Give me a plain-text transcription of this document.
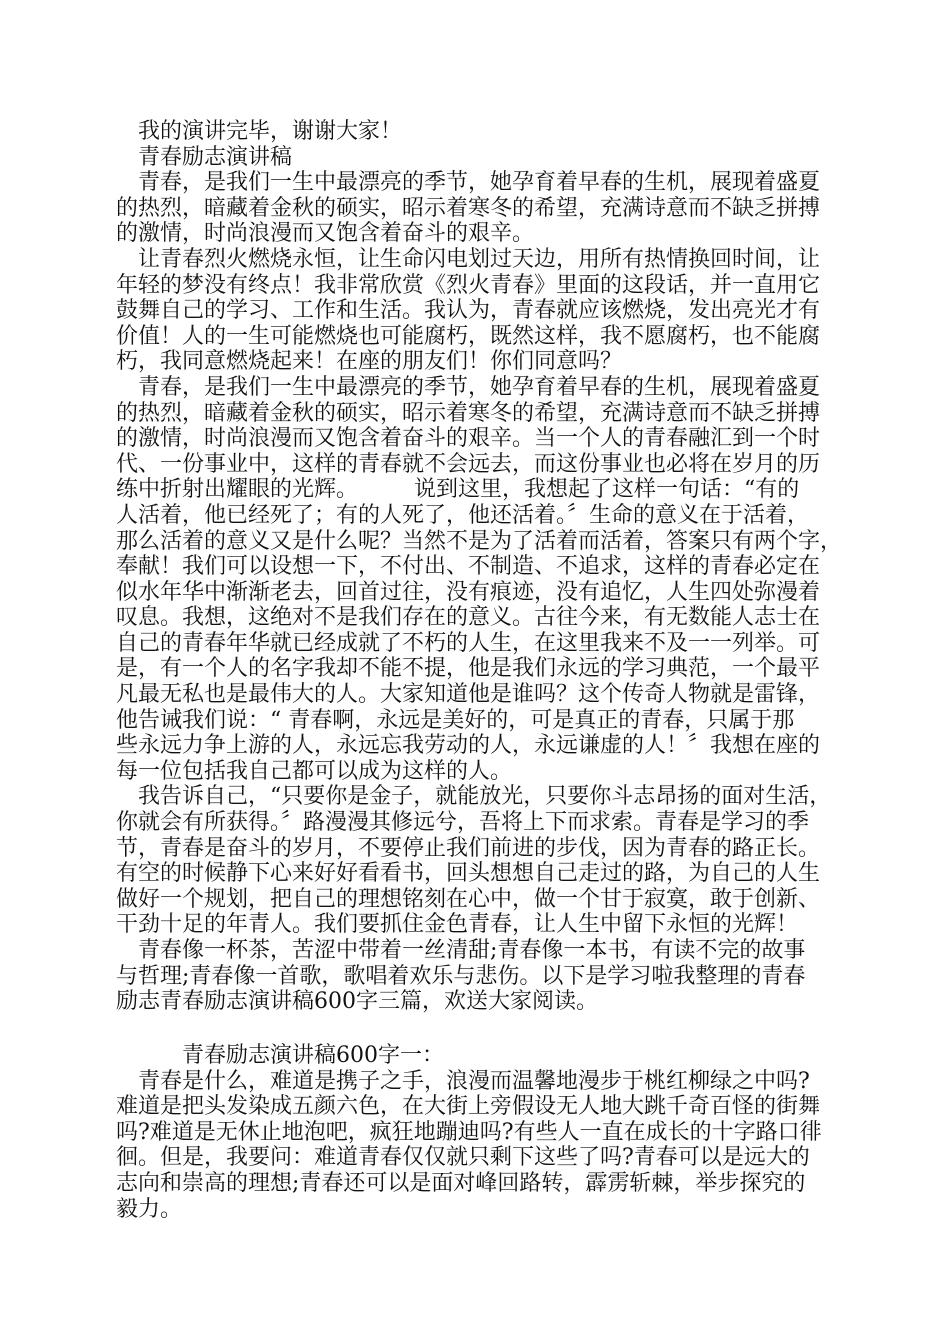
我的演讲完毕，谢谢大家！
青春励志演讲稿
青春，是我们一生中最漂亮的季节，她孕育着早春的生机，展现着盛夏
的热烈，暗藏着金秋的硕实，昭示着寒冬的希望，充满诗意而不缺乏拼搏
的激情，时尚浪漫而又饱含着奋斗的艰辛。
让青春烈火燃烧永恒，让生命闪电划过天边，用所有热情换回时间，让
年轻的梦没有终点！我非常欣赏《烈火青春》里面的这段话，并一直用它
鼓舞自己的学习、工作和生活。我认为，青春就应该燃烧，发出亮光才有
价值！人的一生可能燃烧也可能腐朽，既然这样，我不愿腐朽，也不能腐
朽，我同意燃烧起来！在座的朋友们！你们同意吗？
青春，是我们一生中最漂亮的季节，她孕育着早春的生机，展现着盛夏
的热烈，暗藏着金秋的硕实，昭示着寒冬的希望，充满诗意而不缺乏拼搏
的激情，时尚浪漫而又饱含着奋斗的艰辛。当一个人的青春融汇到一个时
代、一份事业中，这样的青春就不会远去，而这份事业也必将在岁月的历
练中折射出耀眼的光辉。        说到这里，我想起了这样一句话：“有的
人活着，他已经死了；有的人死了，他还活着。〞生命的意义在于活着，
那么活着的意义又是什么呢？当然不是为了活着而活着，答案只有两个字，
奉献！我们可以设想一下，不付出、不制造、不追求，这样的青春必定在
似水年华中渐渐老去，回首过往，没有痕迹，没有追忆，人生四处弥漫着
叹息。我想，这绝对不是我们存在的意义。古往今来，有无数能人志士在
自己的青春年华就已经成就了不朽的人生，在这里我来不及一一列举。可
是，有一个人的名字我却不能不提，他是我们永远的学习典范，一个最平
凡最无私也是最伟大的人。大家知道他是谁吗？这个传奇人物就是雷锋，
他告诫我们说：“ 青春啊，永远是美好的，可是真正的青春，只属于那
些永远力争上游的人，永远忘我劳动的人，永远谦虚的人！〞我想在座的
每一位包括我自己都可以成为这样的人。
我告诉自己，“只要你是金子，就能放光，只要你斗志昂扬的面对生活，
你就会有所获得。〞路漫漫其修远兮，吾将上下而求索。青春是学习的季
节，青春是奋斗的岁月，不要停止我们前进的步伐，因为青春的路正长。
有空的时候静下心来好好看看书，回头想想自己走过的路，为自己的人生
做好一个规划，把自己的理想铭刻在心中，做一个甘于寂寞，敢于创新、
干劲十足的年青人。我们要抓住金色青春，让人生中留下永恒的光辉！
青春像一杯茶，苦涩中带着一丝清甜;青春像一本书，有读不完的故事
与哲理;青春像一首歌，歌唱着欢乐与悲伤。以下是学习啦我整理的青春
励志青春励志演讲稿600字三篇，欢送大家阅读。
青春励志演讲稿600字一：
青春是什么，难道是携子之手，浪漫而温馨地漫步于桃红柳绿之中吗?
难道是把头发染成五颜六色，在大街上旁假设无人地大跳千奇百怪的街舞
吗?难道是无休止地泡吧，疯狂地蹦迪吗?有些人一直在成长的十字路口徘
徊。但是，我要问：难道青春仅仅就只剩下这些了吗?青春可以是远大的
志向和崇高的理想;青春还可以是面对峰回路转，霹雳斩棘，举步探究的
毅力。
